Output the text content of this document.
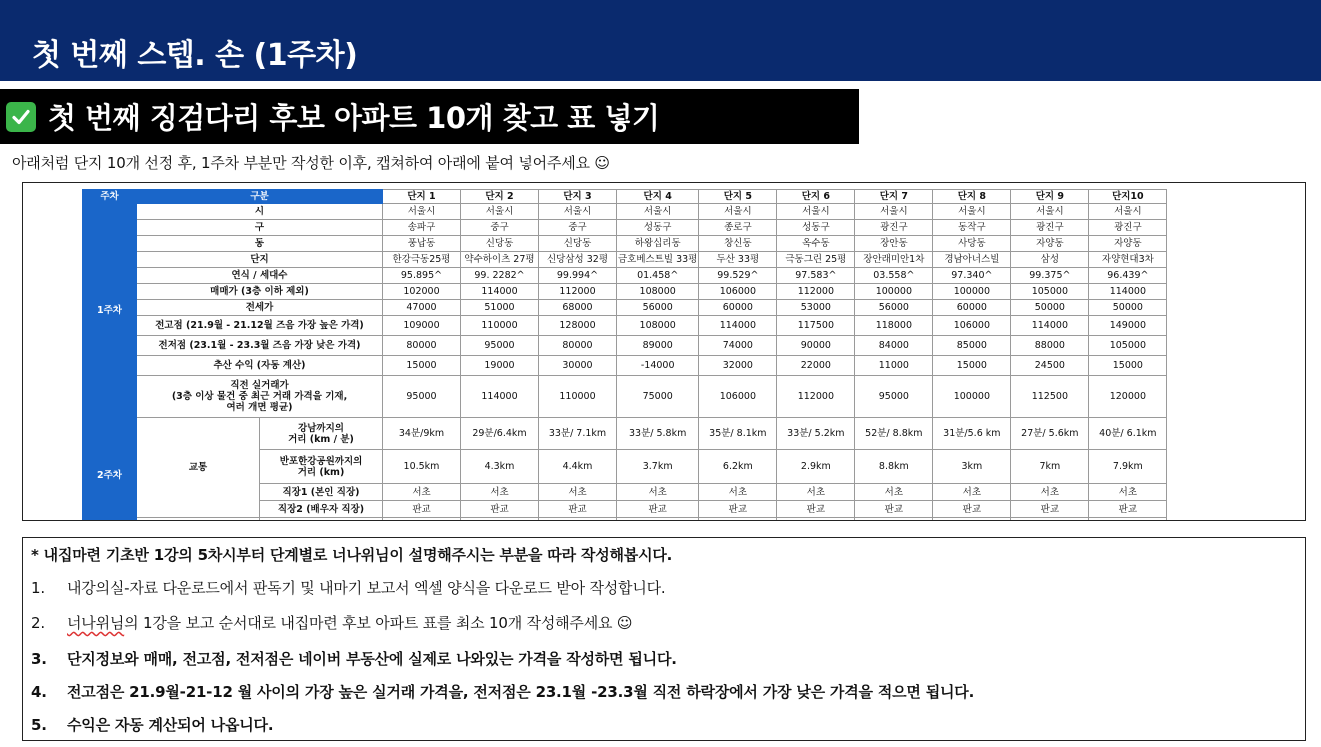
첫 번째 스텝. 손 (1주차)
첫 번째 징검다리 후보 아파트 10개 찾고 표 넣기
아래처럼 단지 10개 선정 후, 1주차 부분만 작성한 이후, 캡쳐하여 아래에 붙여 넣어주세요 ☺
주차	구분		단지 1	단지 2	단지 3	단지 4	단지 5	단지 6	단지 7	단지 8	단지 9	단지10
1주차	시		서울시	서울시	서울시	서울시	서울시	서울시	서울시	서울시	서울시	서울시
	구		송파구	중구	중구	성동구	종로구	성동구	광진구	동작구	광진구	광진구
	동		풍납동	신당동	신당동	하왕십리동	창신동	옥수동	장안동	사당동	자양동	자양동
	단지		한강극동25평	약수하이츠 27평	신당삼성 32평	금호베스트빌 33평	두산 33평	극동그린 25평	장안래미안1차	경남아너스빌	삼성	자양현대3차
	연식 / 세대수		95.895^	99. 2282^	99.994^	01.458^	99.529^	97.583^	03.558^	97.340^	99.375^	96.439^
	매매가 (3층 이하 제외)		102000	114000	112000	108000	106000	112000	100000	100000	105000	114000
	전세가		47000	51000	68000	56000	60000	53000	56000	60000	50000	50000
	전고점 (21.9월 - 21.12월 즈음 가장 높은 가격)		109000	110000	128000	108000	114000	117500	118000	106000	114000	149000
	전저점 (23.1월 - 23.3월 즈음 가장 낮은 가격)		80000	95000	80000	89000	74000	90000	84000	85000	88000	105000
	추산 수익 (자동 계산)		15000	19000	30000	-14000	32000	22000	11000	15000	24500	15000

	직전 실거래가
(3층 이상 물건 중 최근 거래 가격을 기재,
여러 개면 평균)		95000	114000	110000	75000	106000	112000	95000	100000	112500	120000
2주차	교통	강남까지의
거리 (km / 분)	34분/9km	29분/6.4km	33분/ 7.1km	33분/ 5.8km	35분/ 8.1km	33분/ 5.2km	52분/ 8.8km	31분/5.6 km	27분/ 5.6km	40분/ 6.1km

		반포한강공원까지의
거리 (km)	10.5km	4.3km	4.4km	3.7km	6.2km	2.9km	8.8km	3km	7km	7.9km
		직장1 (본인 직장)	서초	서초	서초	서초	서초	서초	서초	서초	서초	서초
		직장2 (배우자 직장)	판교	판교	판교	판교	판교	판교	판교	판교	판교	판교

* 내집마련 기초반 1강의 5차시부터 단계별로 너나위님이 설명해주시는 부분을 따라 작성해봅시다.
1. 내강의실-자료 다운로드에서 판독기 및 내마기 보고서 엑셀 양식을 다운로드 받아 작성합니다.
2. 너나위님의 1강을 보고 순서대로 내집마련 후보 아파트 표를 최소 10개 작성해주세요 ☺
3. 단지정보와 매매, 전고점, 전저점은 네이버 부동산에 실제로 나와있는 가격을 작성하면 됩니다.
4. 전고점은 21.9월-21-12 월 사이의 가장 높은 실거래 가격을, 전저점은 23.1월 -23.3월 직전 하락장에서 가장 낮은 가격을 적으면 됩니다.
5. 수익은 자동 계산되어 나옵니다.
